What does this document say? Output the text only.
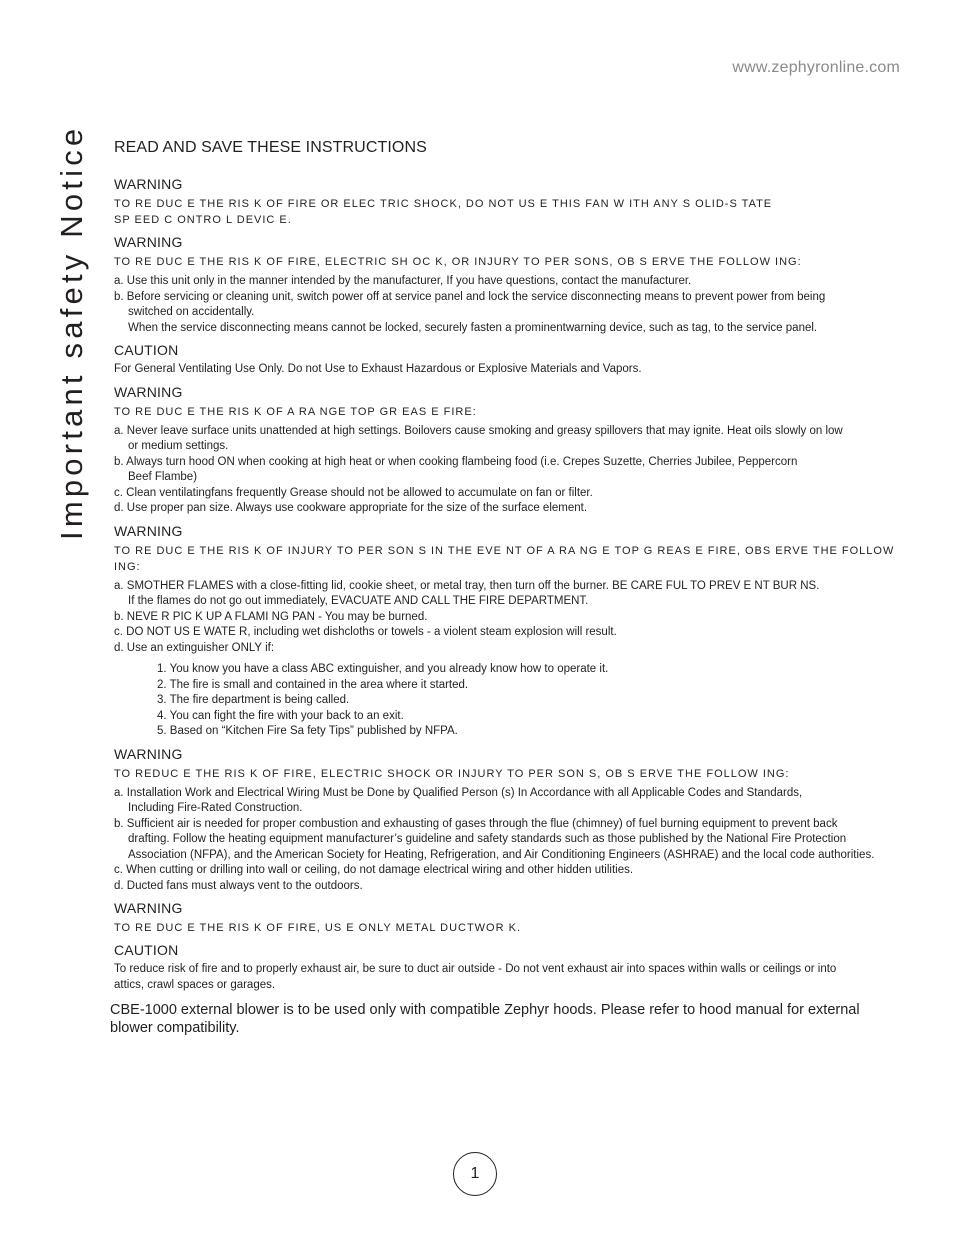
www.zephyronline.com
Important safety Notice READ AND SAVE THESE INSTRUCTIONS
WARNING
TO RE DUC E THE RIS K OF FIRE OR ELEC TRIC SHOCK, DO NOT US E THIS FAN W ITH ANY S OLID-S TATE
SP EED C ONTRO L DEVIC E.
WARNING
TO RE DUC E THE RIS K OF FIRE, ELECTRIC SH OC K, OR INJURY TO PER SONS, OB S ERVE THE FOLLOW ING:
a. Use this unit only in the manner intended by the manufacturer, If you have questions, contact the manufacturer.
b. Before servicing or cleaning unit, switch power off at service panel and lock the service disconnecting means to prevent power from being
switched on accidentally.
When the service disconnecting means cannot be locked, securely fasten a prominentwarning device, such as tag, to the service panel.
CAUTION

For General Ventilating Use Only. Do not Use to Exhaust Hazardous or Explosive Materials and Vapors.

WARNING
TO RE DUC E THE RIS K OF A RA NGE TOP GR EAS E FIRE:
a. Never leave surface units unattended at high settings. Boilovers cause smoking and greasy spillovers that may ignite. Heat oils slowly on low
or medium settings.
b. Always turn hood ON when cooking at high heat or when cooking flambeing food (i.e. Crepes Suzette, Cherries Jubilee, Peppercorn
Beef Flambe)
c. Clean ventilatingfans frequently Grease should not be allowed to accumulate on fan or filter.
d. Use proper pan size. Always use cookware appropriate for the size of the surface element.
WARNING
TO RE DUC E THE RIS K OF INJURY TO PER SON S IN THE EVE NT OF A RA NG E TOP G REAS E FIRE, OBS ERVE THE FOLLOW ING:
a. SMOTHER FLAMES with a close-fitting lid, cookie sheet, or metal tray, then turn off the burner. BE CARE FUL TO PREV E NT BUR NS.
If the flames do not go out immediately, EVACUATE AND CALL THE FIRE DEPARTMENT.
b. NEVE R PIC K UP A FLAMI NG PAN - You may be burned.
c. DO NOT US E WATE R, including wet dishcloths or towels - a violent steam explosion will result.
d. Use an extinguisher ONLY if:
1. You know you have a class ABC extinguisher, and you already know how to operate it.
2. The fire is small and contained in the area where it started.
3. The fire department is being called.
4. You can fight the fire with your back to an exit.
5. Based on “Kitchen Fire Sa fety Tips” published by NFPA.
WARNING
TO REDUC E THE RIS K OF FIRE, ELECTRIC SHOCK OR INJURY TO PER SON S, OB S ERVE THE FOLLOW ING:
a. Installation Work and Electrical Wiring Must be Done by Qualified Person (s) In Accordance with all Applicable Codes and Standards,
Including Fire-Rated Construction.
b. Sufficient air is needed for proper combustion and exhausting of gases through the flue (chimney) of fuel burning equipment to prevent back
drafting. Follow the heating equipment manufacturer’s guideline and safety standards such as those published by the National Fire Protection
Association (NFPA), and the American Society for Heating, Refrigeration, and Air Conditioning Engineers (ASHRAE) and the local code authorities.
c. When cutting or drilling into wall or ceiling, do not damage electrical wiring and other hidden utilities.
d. Ducted fans must always vent to the outdoors.
WARNING
TO RE DUC E THE RIS K OF FIRE, US E ONLY METAL DUCTWOR K.
CAUTION

To reduce risk of fire and to properly exhaust air, be sure to duct air outside - Do not vent exhaust air into spaces within walls or ceilings or into

attics, crawl spaces or garages.

CBE-1000 external blower is to be used only with compatible Zephyr hoods. Please refer to hood manual for external
blower compatibility.
1
